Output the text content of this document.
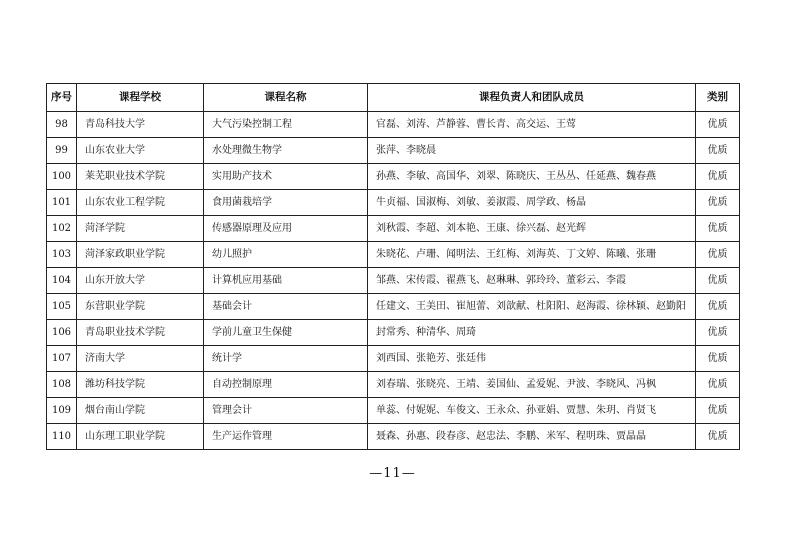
序号	课程学校	课程名称	课程负责人和团队成员	类别
98	青岛科技大学	大气污染控制工程	官磊、刘涛、芦静蓉、曹长青、高交运、王莺	优质
99	山东农业大学	水处理微生物学	张萍、李晓晨	优质
100	莱芜职业技术学院	实用助产技术	孙燕、李敏、高国华、刘翠、陈晓庆、王丛丛、任延燕、魏春燕	优质
101	山东农业工程学院	食用菌栽培学	牛贞福、国淑梅、刘敏、姜淑霞、周学政、杨晶	优质
102	菏泽学院	传感器原理及应用	刘秋霞、李超、刘本艳、王康、徐兴磊、赵光辉	优质
103	菏泽家政职业学院	幼儿照护	朱晓花、卢珊、闻明法、王红梅、刘海英、丁文婷、陈曦、张珊	优质
104	山东开放大学	计算机应用基础	邹燕、宋传霞、翟燕飞、赵琳琳、郭玲玲、董彩云、李霞	优质
105	东营职业学院	基础会计	任建文、王美田、崔旭蕾、刘歆献、杜阳阳、赵海霞、徐林颖、赵勤阳	优质
106	青岛职业技术学院	学前儿童卫生保健	封常秀、种清华、周琦	优质
107	济南大学	统计学	刘西国、张艳芳、张廷伟	优质
108	潍坊科技学院	自动控制原理	刘春瑞、张晓亮、王靖、姜国仙、孟爱妮、尹波、李晓风、冯枫	优质
109	烟台南山学院	管理会计	单蕊、付妮妮、车俊文、王永众、孙亚娟、贾慧、朱玥、肖贤飞	优质
110	山东理工职业学院	生产运作管理	聂森、孙惠、段春彦、赵忠法、李鹏、米军、程明珠、贾晶晶	优质
—11—
